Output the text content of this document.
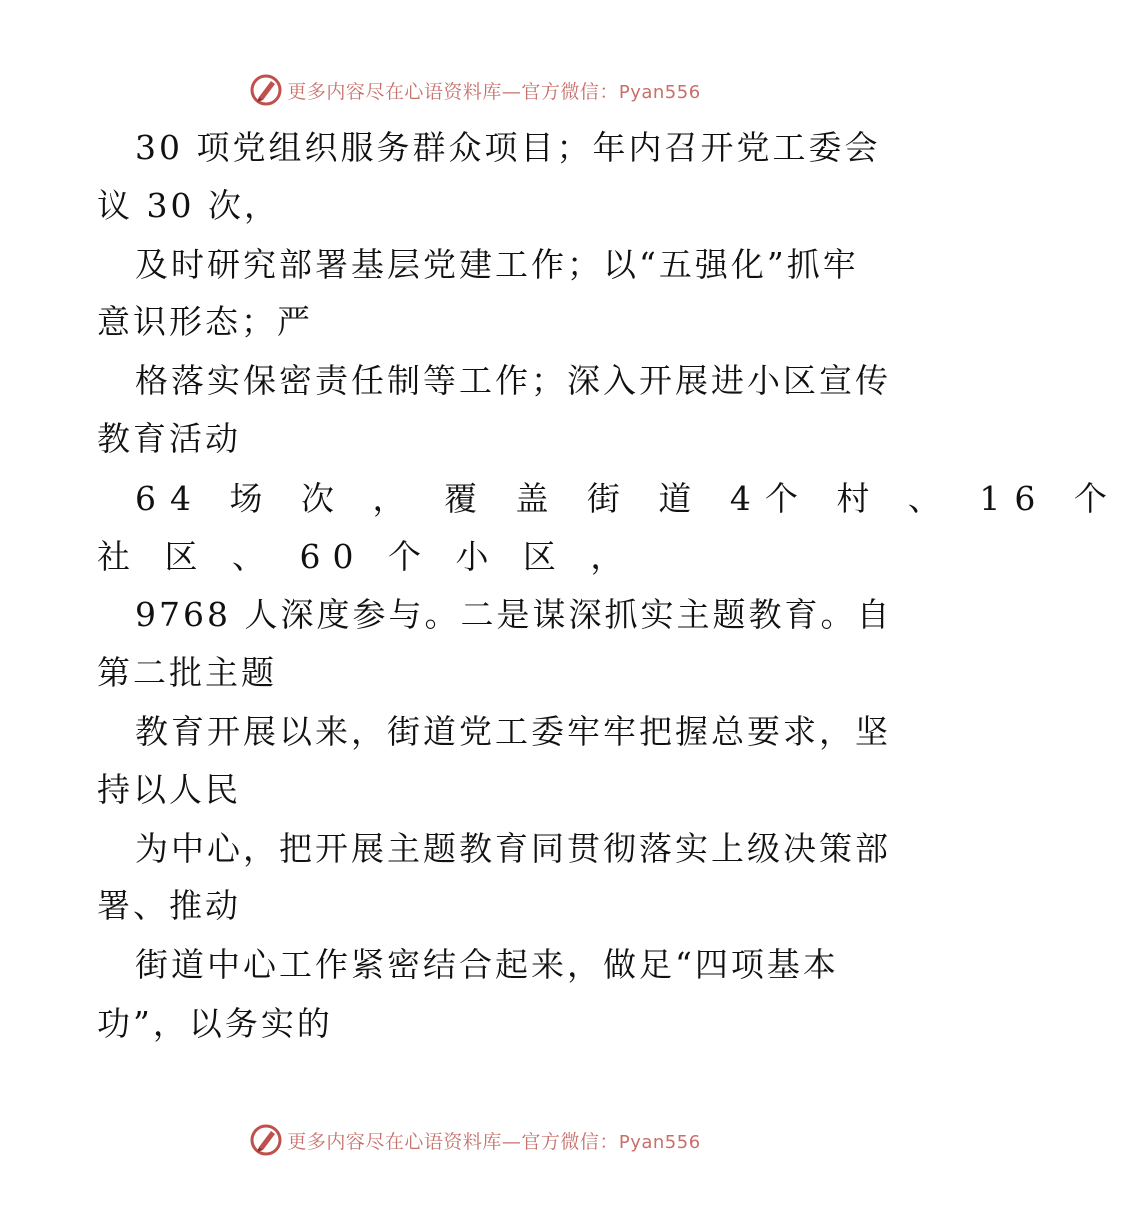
更多内容尽在心语资料库—官方微信：Pyan556
30 项党组织服务群众项目；年内召开党工委会
议 30 次，
及时研究部署基层党建工作；以“五强化”抓牢
意识形态；严
格落实保密责任制等工作；深入开展进小区宣传
教育活动
64 场 次 ， 覆 盖 街 道 4个 村 、 16 个
社 区 、 60 个 小 区 ，
9768 人深度参与。二是谋深抓实主题教育。自
第二批主题
教育开展以来，街道党工委牢牢把握总要求，坚
持以人民
为中心，把开展主题教育同贯彻落实上级决策部
署、推动
街道中心工作紧密结合起来，做足“四项基本
功”，以务实的
更多内容尽在心语资料库—官方微信：Pyan556
